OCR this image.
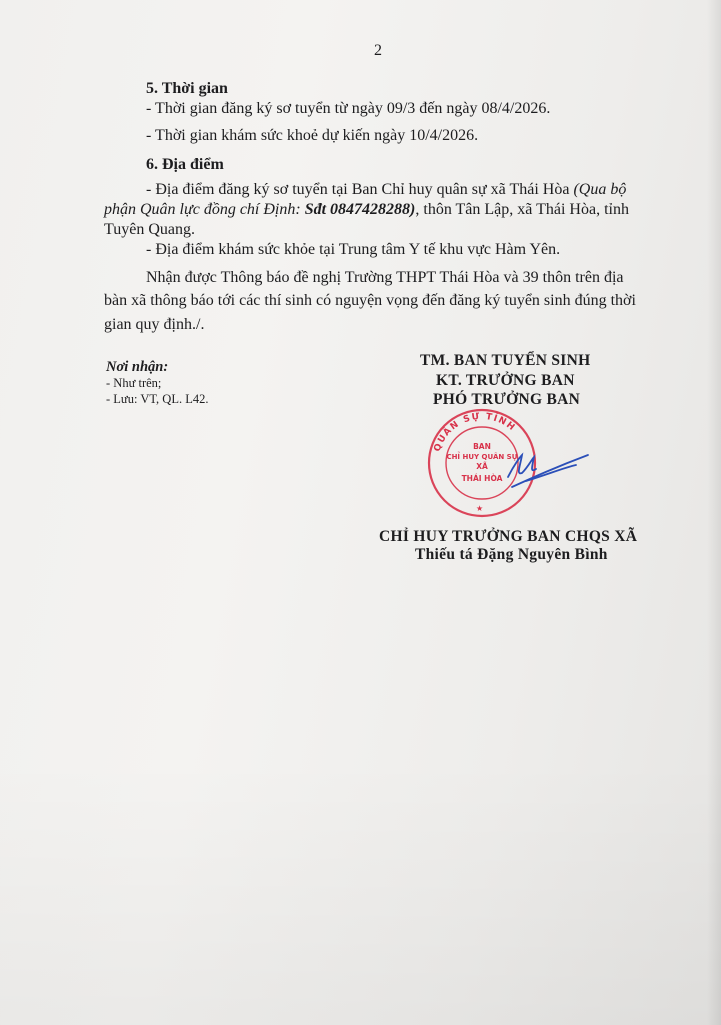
2
5. Thời gian
- Thời gian đăng ký sơ tuyển từ ngày 09/3 đến ngày 08/4/2026.
- Thời gian khám sức khoẻ dự kiến ngày 10/4/2026.
6. Địa điểm
- Địa điểm đăng ký sơ tuyển tại Ban Chỉ huy quân sự xã Thái Hòa (Qua bộ
phận Quân lực đồng chí Định: Sđt 0847428288), thôn Tân Lập, xã Thái Hòa, tỉnh
Tuyên Quang.
- Địa điểm khám sức khỏe tại Trung tâm Y tế khu vực Hàm Yên.
Nhận được Thông báo đề nghị Trường THPT Thái Hòa và 39 thôn trên địa
bàn xã thông báo tới các thí sinh có nguyện vọng đến đăng ký tuyển sinh đúng thời
gian quy định./.
Nơi nhận:
- Như trên;
- Lưu: VT, QL. L42.
TM. BAN TUYỂN SINH
KT. TRƯỞNG BAN
PHÓ TRƯỞNG BAN
QUÂN SỰ TỈNH
BAN
CHỈ HUY QUÂN SỰ
XÃ
THÁI HÒA
★
CHỈ HUY TRƯỞNG BAN CHQS XÃ
Thiếu tá Đặng Nguyên Bình
